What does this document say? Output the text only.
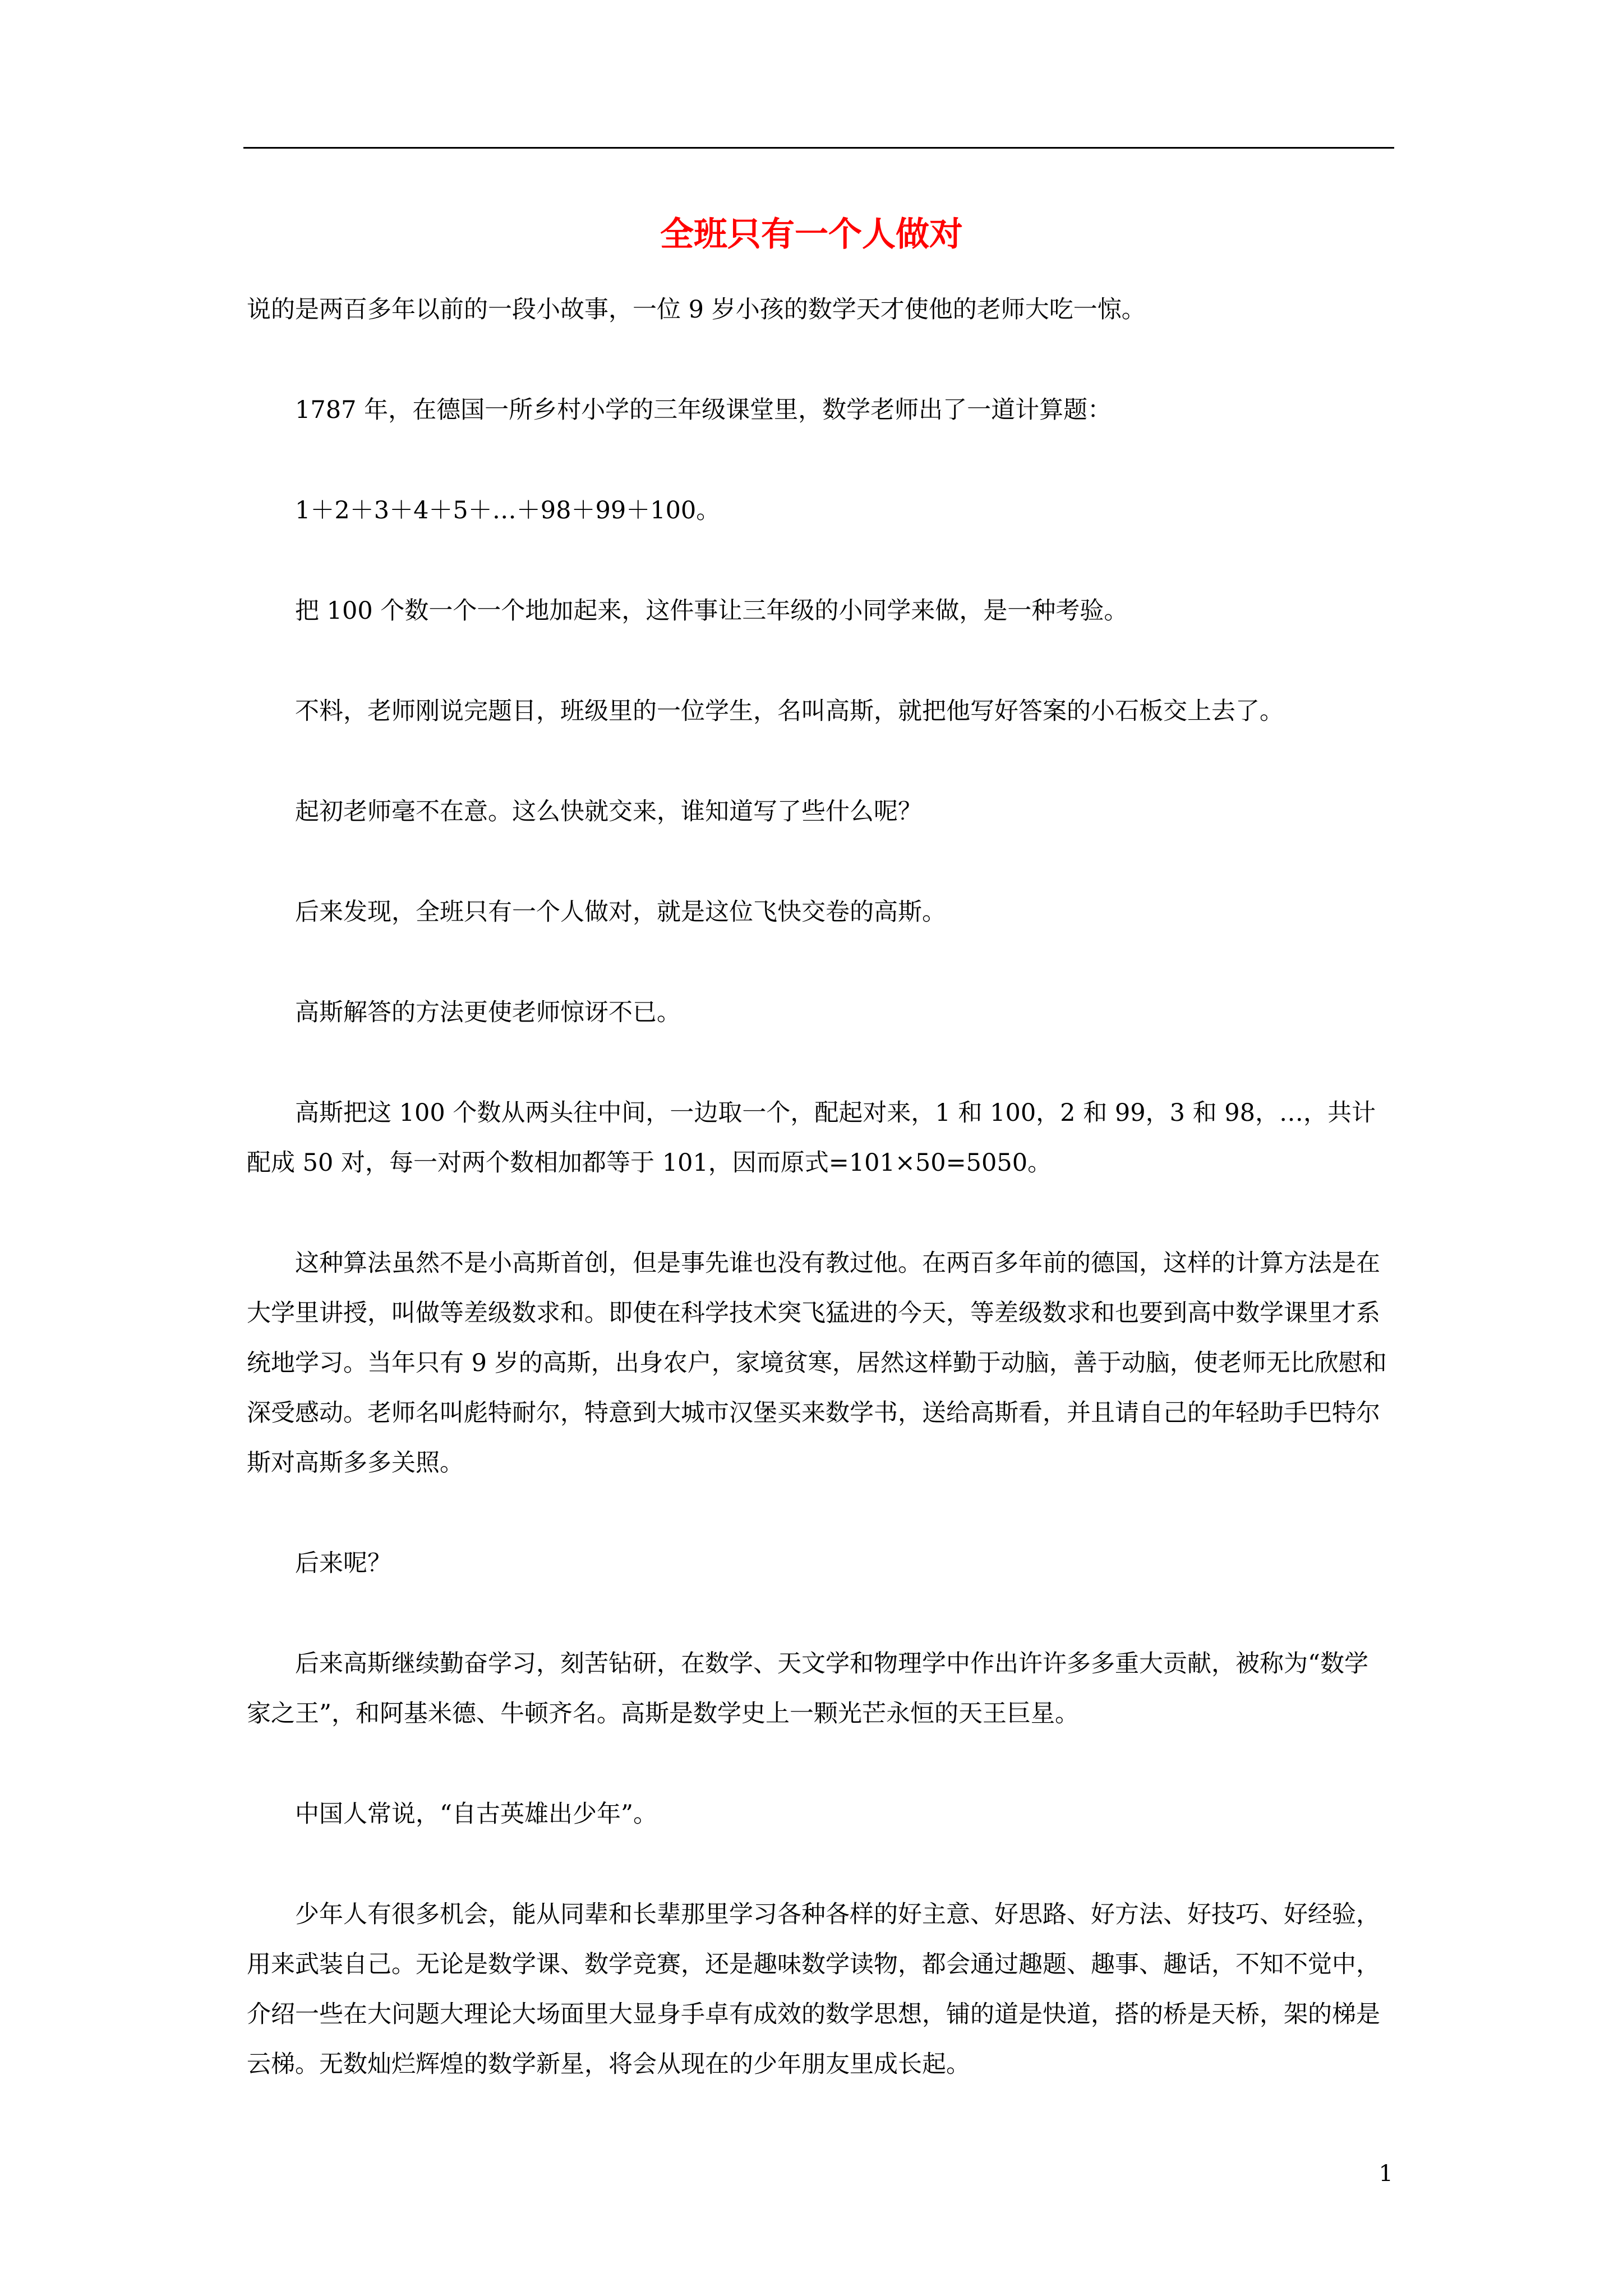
全班只有一个人做对

说的是两百多年以前的一段小故事，一位 9 岁小孩的数学天才使他的老师大吃一惊。

1787 年，在德国一所乡村小学的三年级课堂里，数学老师出了一道计算题：

1＋2＋3＋4＋5＋…＋98＋99＋100。

把 100 个数一个一个地加起来，这件事让三年级的小同学来做，是一种考验。

不料，老师刚说完题目，班级里的一位学生，名叫高斯，就把他写好答案的小石板交上去了。

起初老师毫不在意。这么快就交来，谁知道写了些什么呢？

后来发现，全班只有一个人做对，就是这位飞快交卷的高斯。

高斯解答的方法更使老师惊讶不已。

高斯把这 100 个数从两头往中间，一边取一个，配起对来，1 和 100，2 和 99，3 和 98，…，共计配成 50 对，每一对两个数相加都等于 101，因而原式=101×50=5050。

这种算法虽然不是小高斯首创，但是事先谁也没有教过他。在两百多年前的德国，这样的计算方法是在大学里讲授，叫做等差级数求和。即使在科学技术突飞猛进的今天，等差级数求和也要到高中数学课里才系统地学习。当年只有 9 岁的高斯，出身农户，家境贫寒，居然这样勤于动脑，善于动脑，使老师无比欣慰和深受感动。老师名叫彪特耐尔，特意到大城市汉堡买来数学书，送给高斯看，并且请自己的年轻助手巴特尔斯对高斯多多关照。

后来呢？

后来高斯继续勤奋学习，刻苦钻研，在数学、天文学和物理学中作出许许多多重大贡献，被称为“数学家之王”，和阿基米德、牛顿齐名。高斯是数学史上一颗光芒永恒的天王巨星。

中国人常说，“自古英雄出少年”。

少年人有很多机会，能从同辈和长辈那里学习各种各样的好主意、好思路、好方法、好技巧、好经验，用来武装自己。无论是数学课、数学竞赛，还是趣味数学读物，都会通过趣题、趣事、趣话，不知不觉中，介绍一些在大问题大理论大场面里大显身手卓有成效的数学思想，铺的道是快道，搭的桥是天桥，架的梯是云梯。无数灿烂辉煌的数学新星，将会从现在的少年朋友里成长起。

1
